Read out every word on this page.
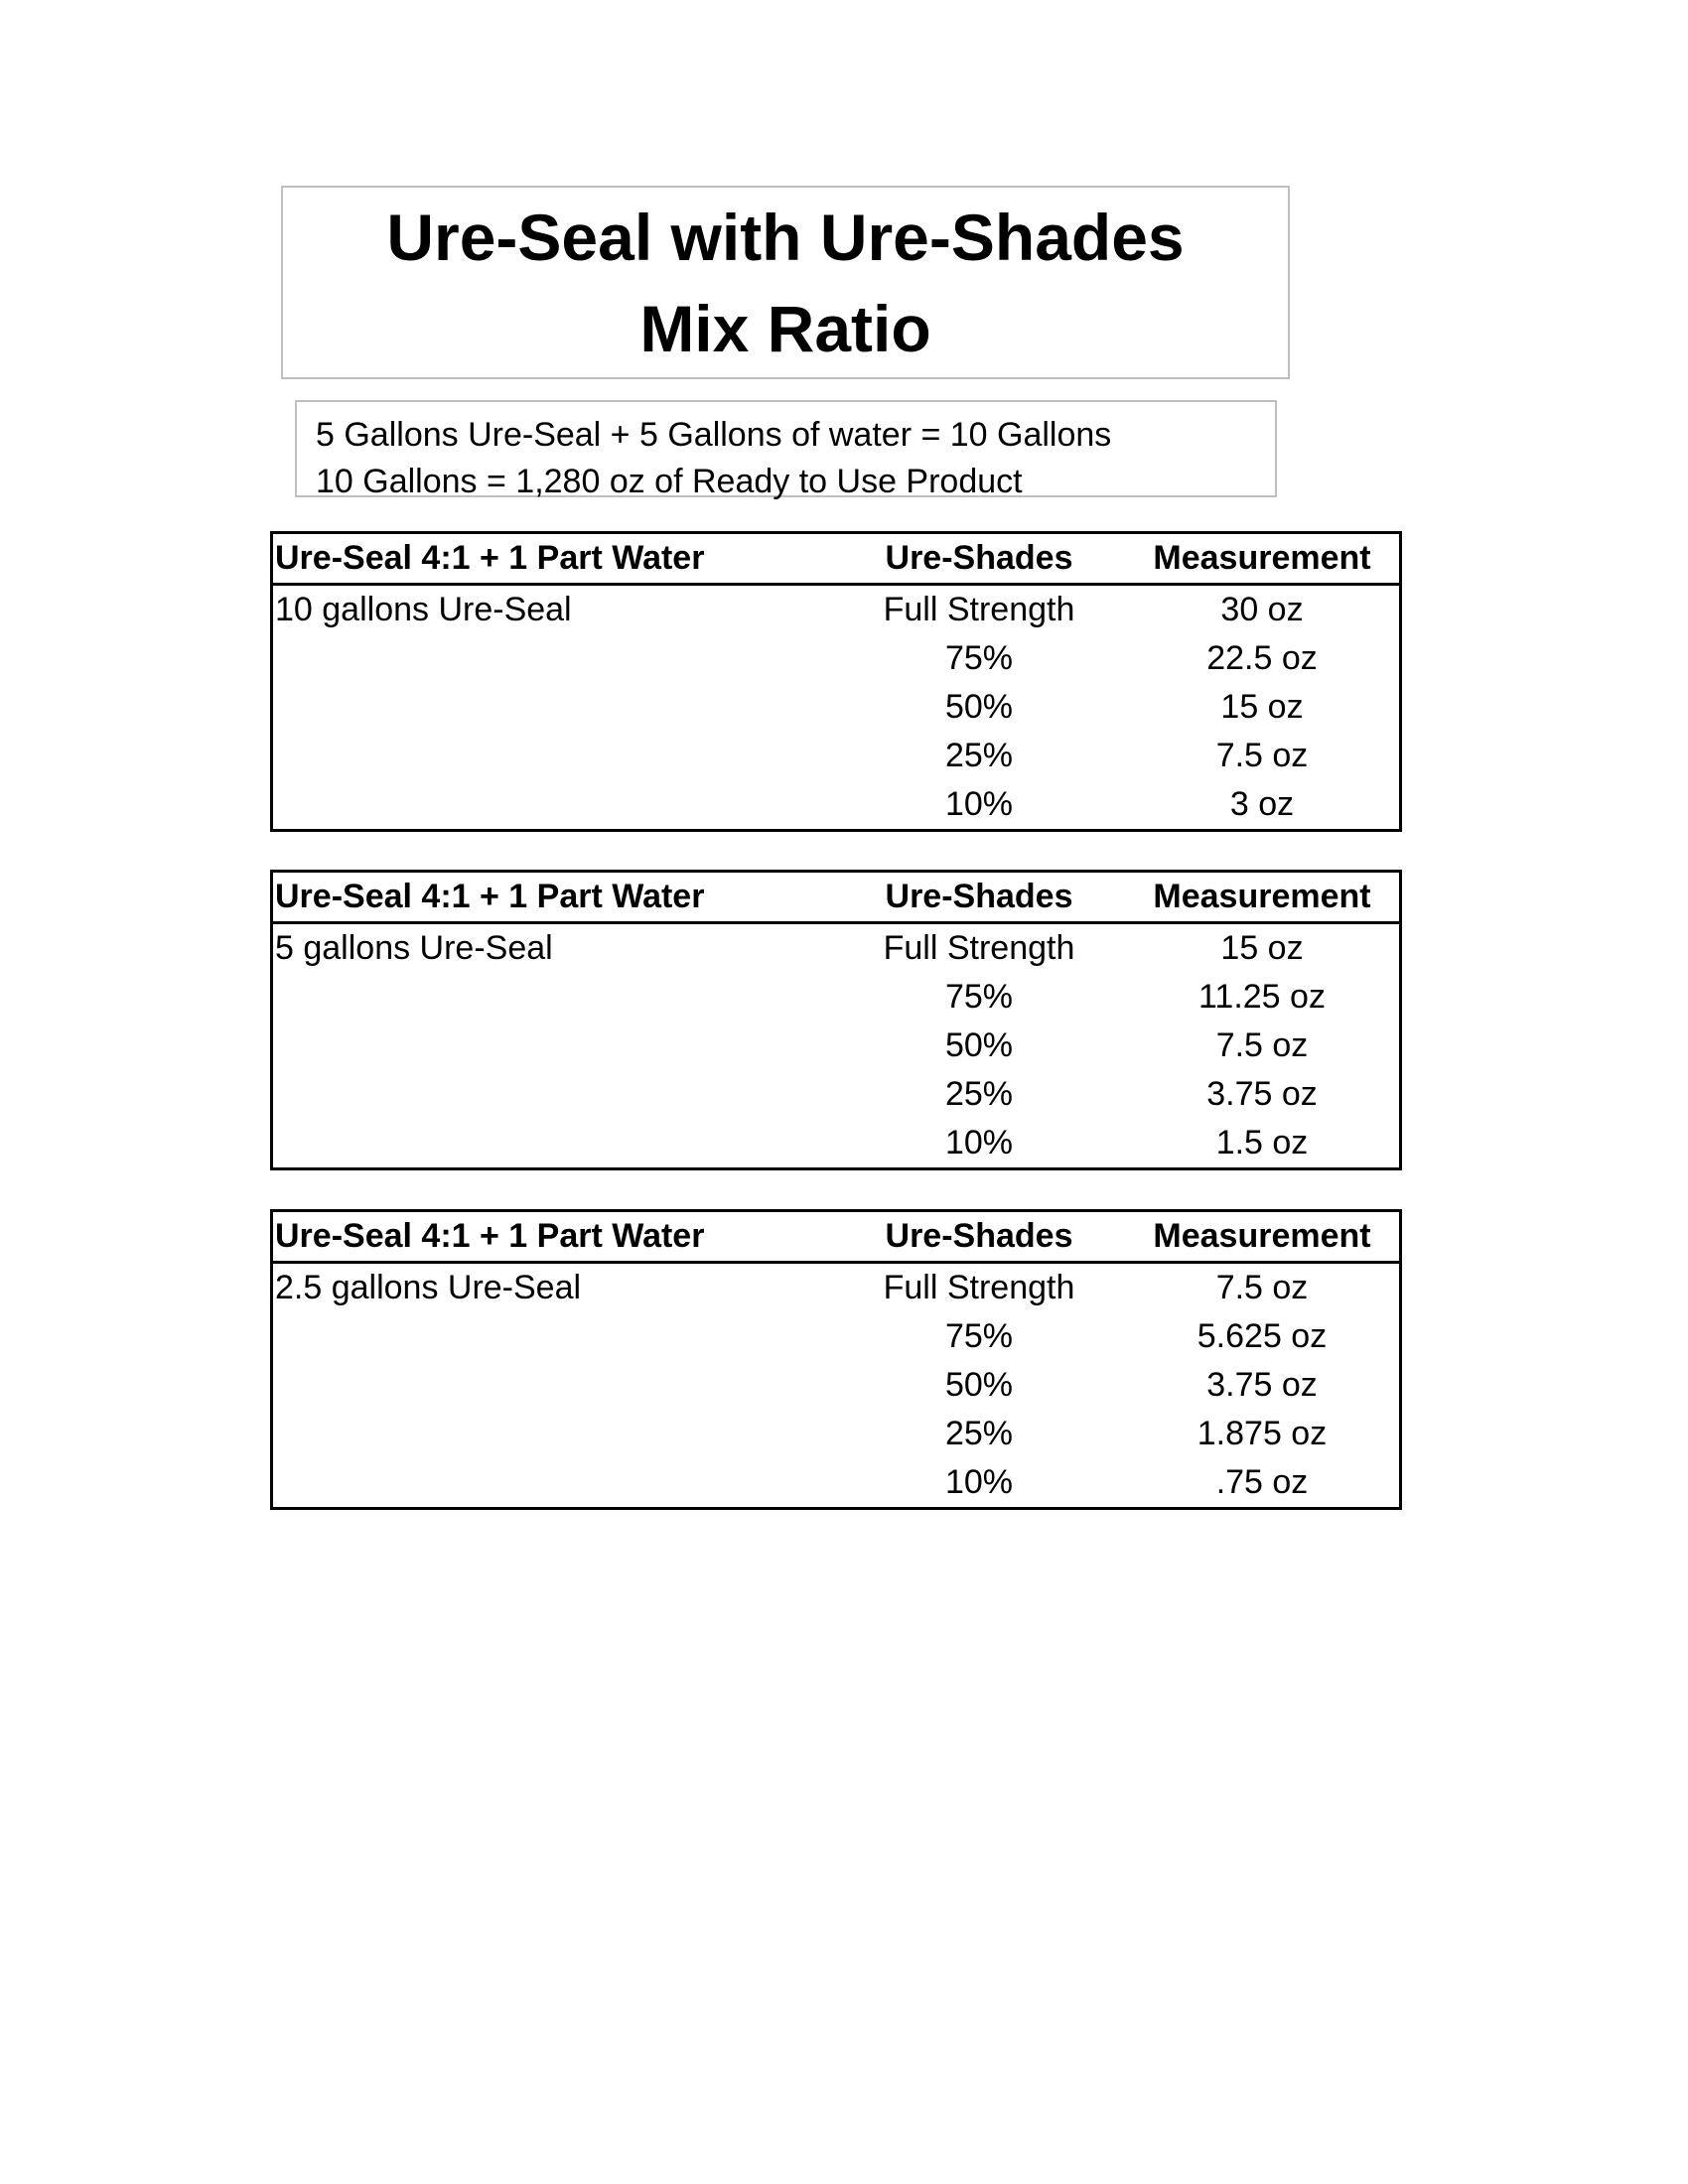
Ure-Seal with Ure-Shades
Mix Ratio
5 Gallons Ure-Seal + 5 Gallons of water = 10 Gallons
10 Gallons = 1,280 oz of Ready to Use Product
Ure-Seal 4:1 + 1 Part Water	Ure-Shades	Measurement
10 gallons Ure-Seal	Full Strength	30 oz
	75%	22.5 oz
	50%	15 oz
	25%	7.5 oz
	10%	3 oz
Ure-Seal 4:1 + 1 Part Water	Ure-Shades	Measurement
5 gallons Ure-Seal	Full Strength	15 oz
	75%	11.25 oz
	50%	7.5 oz
	25%	3.75 oz
	10%	1.5 oz
Ure-Seal 4:1 + 1 Part Water	Ure-Shades	Measurement
2.5 gallons Ure-Seal	Full Strength	7.5 oz
	75%	5.625 oz
	50%	3.75 oz
	25%	1.875 oz
	10%	.75 oz
